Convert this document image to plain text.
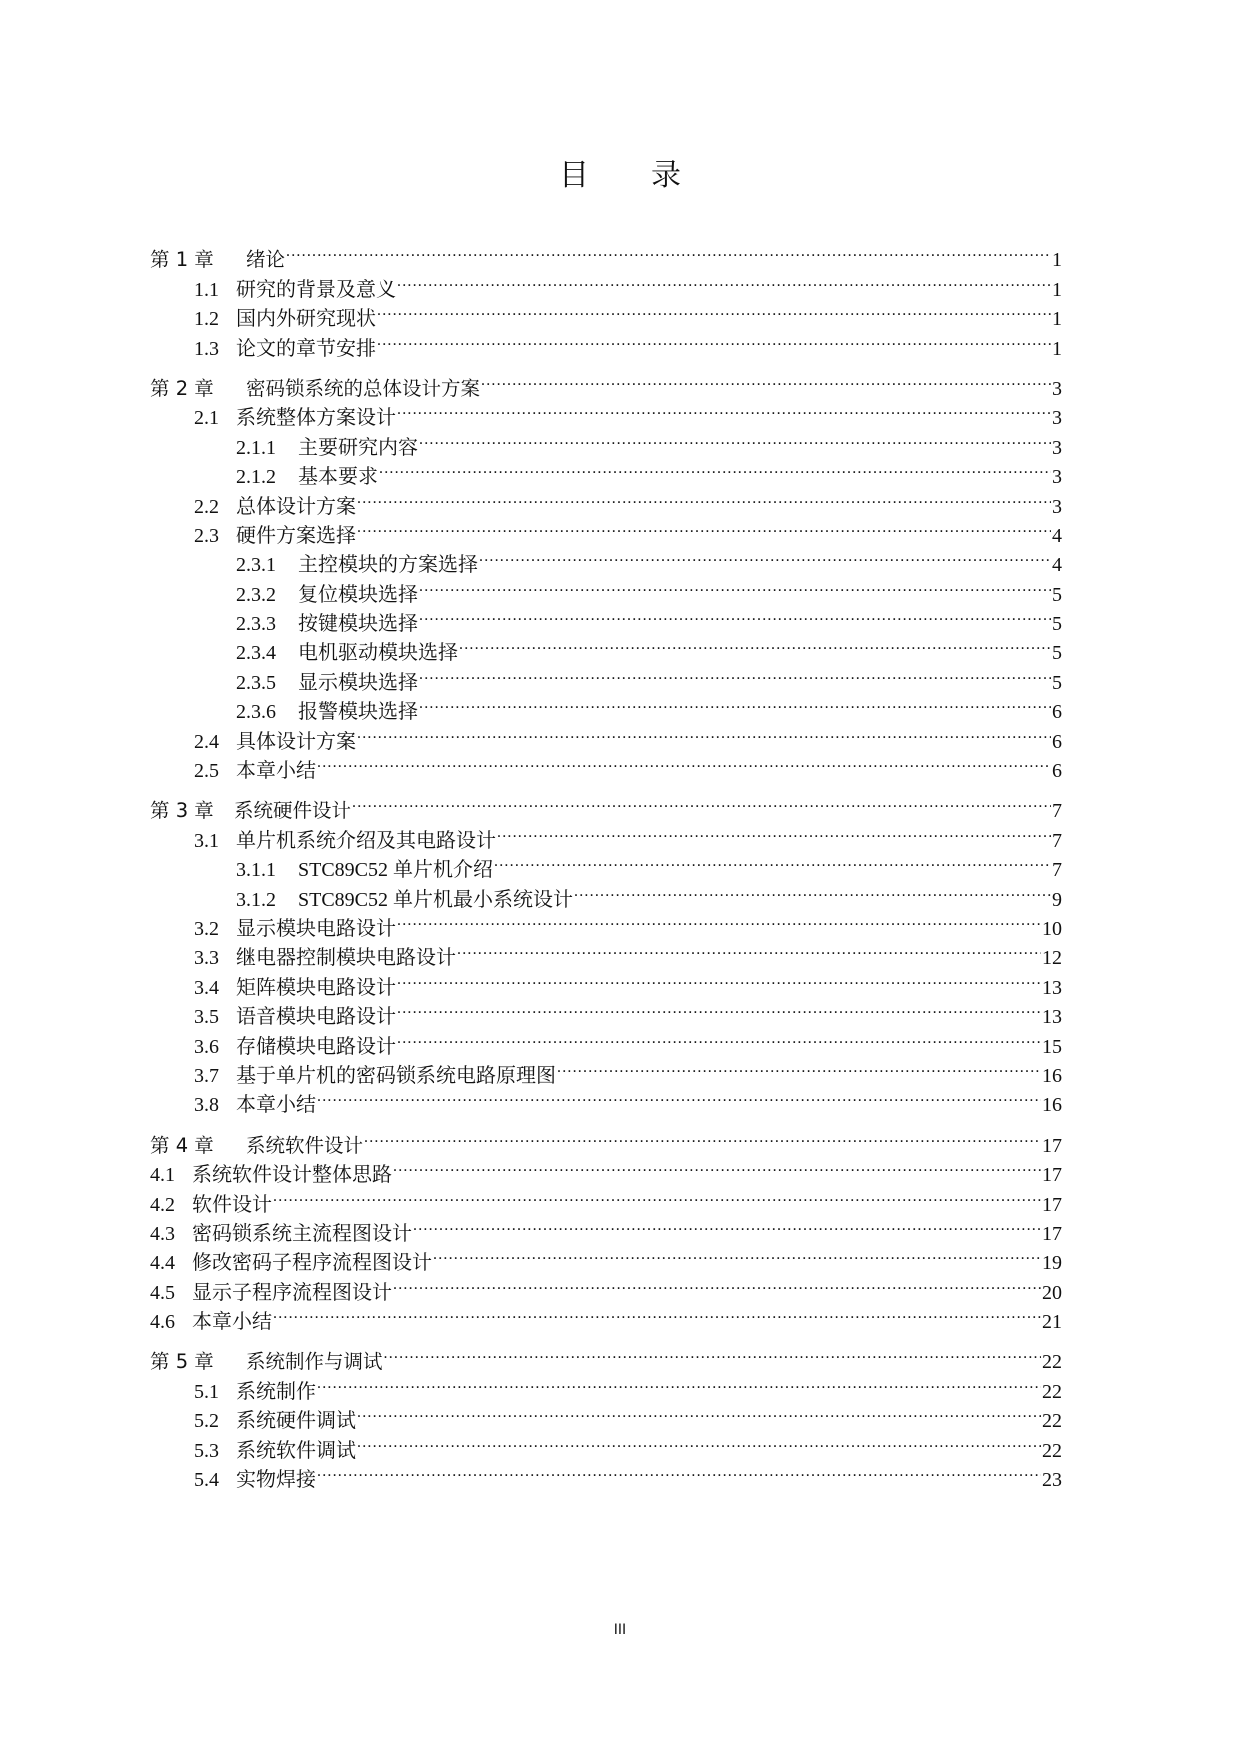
目 录
第 1 章	绪论 .....	1
1.1 研究的背景及意义 .....	1
1.2 国内外研究现状 .....	1
1.3 论文的章节安排 .....	1
第 2 章	密码锁系统的总体设计方案 .....	3
2.1 系统整体方案设计 .....	3
2.1.1	主要研究内容 .....	3
2.1.2	基本要求 .....	3
2.2 总体设计方案 .....	3
2.3 硬件方案选择 .....	4
2.3.1	主控模块的方案选择 .....	4
2.3.2	复位模块选择 .....	5
2.3.3	按键模块选择 .....	5
2.3.4	电机驱动模块选择 .....	5
2.3.5	显示模块选择 .....	5
2.3.6	报警模块选择 .....	6
2.4 具体设计方案 .....	6
2.5 本章小结 .....	6
第 3 章	系统硬件设计 .....	7
3.1 单片机系统介绍及其电路设计 .....	7
3.1.1	STC89C52 单片机介绍 .....	7
3.1.2	STC89C52 单片机最小系统设计 .....	9
3.2 显示模块电路设计 .....	10
3.3 继电器控制模块电路设计 .....	12
3.4 矩阵模块电路设计 .....	13
3.5 语音模块电路设计 .....	13
3.6 存储模块电路设计 .....	15
3.7 基于单片机的密码锁系统电路原理图 .....	16
3.8 本章小结 .....	16
第 4 章	系统软件设计 .....	17
4.1 系统软件设计整体思路 .....	17
4.2 软件设计 .....	17
4.3 密码锁系统主流程图设计 .....	17
4.4 修改密码子程序流程图设计 .....	19
4.5 显示子程序流程图设计 .....	20
4.6 本章小结 .....	21
第 5 章	系统制作与调试 .....	22
5.1 系统制作 .....	22
5.2 系统硬件调试 .....	22
5.3 系统软件调试 .....	22
5.4 实物焊接 .....	23
III
